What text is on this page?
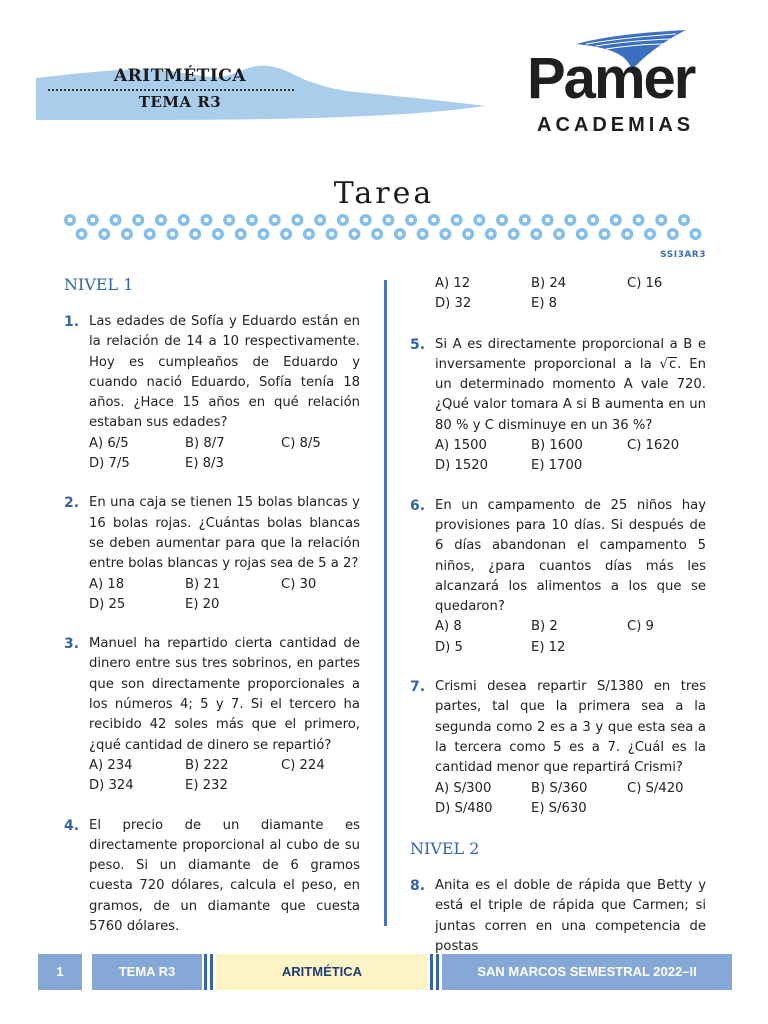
ARITMÉTICA
TEMA R3	Pamer
ACADEMIAS
Tarea
SSI3AR3
NIVEL 1
1. Las edades de Sofía y Eduardo están en la relación de 14 a 10 respectivamente. Hoy es cumpleaños de Eduardo y cuando nació Eduardo, Sofía tenía 18 años. ¿Hace 15 años en qué relación estaban sus edades?
A) 6/5	B) 8/7	C) 8/5
D) 7/5	E) 8/3
2. En una caja se tienen 15 bolas blancas y 16 bolas rojas. ¿Cuántas bolas blancas se deben aumentar para que la relación entre bolas blancas y rojas sea de 5 a 2?
A) 18	B) 21	C) 30
D) 25	E) 20
3. Manuel ha repartido cierta cantidad de dinero entre sus tres sobrinos, en partes que son directamente proporcionales a los números 4; 5 y 7. Si el tercero ha recibido 42 soles más que el primero, ¿qué cantidad de dinero se repartió?
A) 234	B) 222	C) 224
D) 324	E) 232
4. El precio de un diamante es directamente proporcional al cubo de su peso. Si un diamante de 6 gramos cuesta 720 dólares, calcula el peso, en gramos, de un diamante que cuesta 5760 dólares.
A) 12	B) 24	C) 16
D) 32	E) 8
5. Si A es directamente proporcional a B e inversamente proporcional a la √c. En un determinado momento A vale 720. ¿Qué valor tomara A si B aumenta en un 80 % y C disminuye en un 36 %?
A) 1500	B) 1600	C) 1620
D) 1520	E) 1700
6. En un campamento de 25 niños hay provisiones para 10 días. Si después de 6 días abandonan el campamento 5 niños, ¿para cuantos días más les alcanzará los alimentos a los que se quedaron?
A) 8	B) 2	C) 9
D) 5	E) 12
7. Crismi desea repartir S/1380 en tres partes, tal que la primera sea a la segunda como 2 es a 3 y que esta sea a la tercera como 5 es a 7. ¿Cuál es la cantidad menor que repartirá Crismi?
A) S/300	B) S/360	C) S/420
D) S/480	E) S/630
NIVEL 2
8. Anita es el doble de rápida que Betty y está el triple de rápida que Carmen; si juntas corren en una competencia de postas
1	TEMA R3	ARITMÉTICA	SAN MARCOS SEMESTRAL 2022–II
